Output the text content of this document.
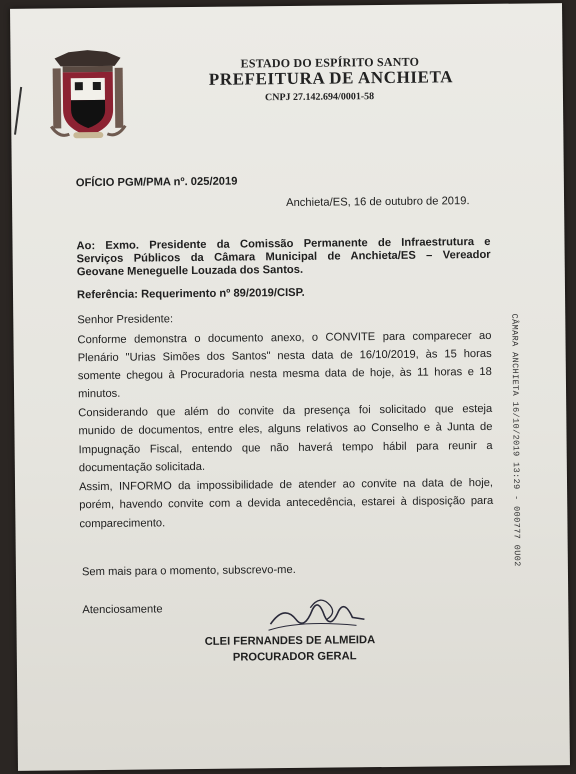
ESTADO DO ESPÍRITO SANTO
PREFEITURA DE ANCHIETA
CNPJ 27.142.694/0001-58
OFÍCIO PGM/PMA nº. 025/2019
Anchieta/ES, 16 de outubro de 2019.
Ao: Exmo. Presidente da Comissão Permanente de Infraestrutura e
Serviços Públicos da Câmara Municipal de Anchieta/ES – Vereador
Geovane Meneguelle Louzada dos Santos.
Referência: Requerimento nº 89/2019/CISP.
Senhor Presidente:
Conforme demonstra o documento anexo, o CONVITE para comparecer ao
Plenário "Urias Simões dos Santos" nesta data de 16/10/2019, às 15 horas
somente chegou à Procuradoria nesta mesma data de hoje, às 11 horas e 18
minutos.
Considerando que além do convite da presença foi solicitado que esteja
munido de documentos, entre eles, alguns relativos ao Conselho e à Junta de
Impugnação Fiscal, entendo que não haverá tempo hábil para reunir a
documentação solicitada.
Assim, INFORMO da impossibilidade de atender ao convite na data de hoje,
porém, havendo convite com a devida antecedência, estarei à disposição para
comparecimento.
Sem mais para o momento, subscrevo-me.
Atenciosamente
CLEI FERNANDES DE ALMEIDA
PROCURADOR GERAL
CÂMARA ANCHIETA 16/10/2019 13:29 - 000777 0U02
